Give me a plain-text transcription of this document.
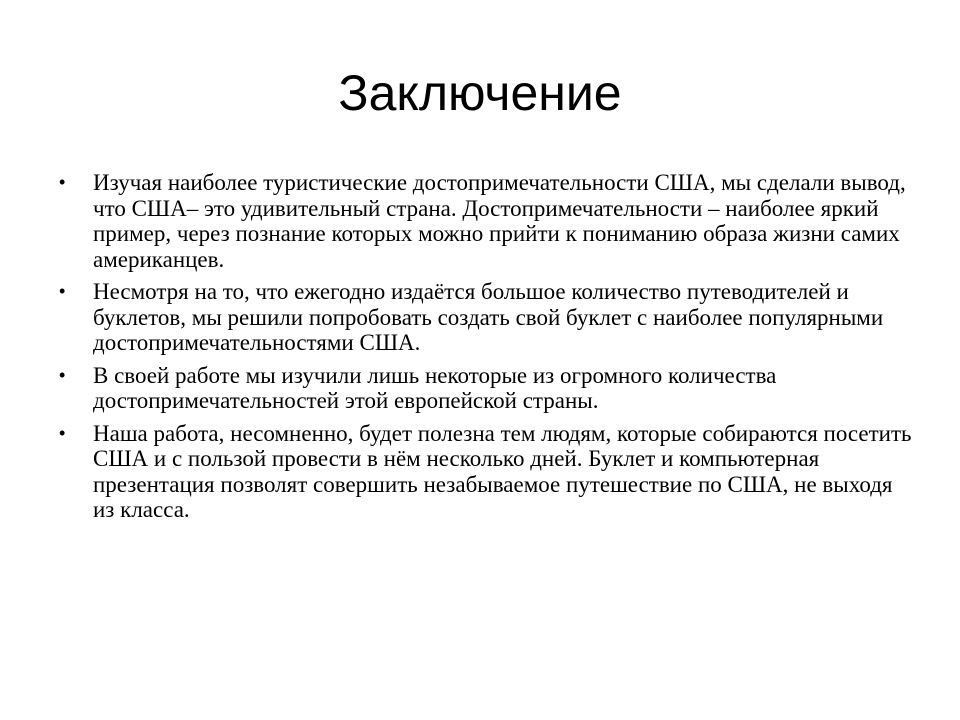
Заключение
• Изучая наиболее туристические достопримечательности США, мы сделали вывод, что США– это удивительный страна. Достопримечательности – наиболее яркий пример, через познание которых можно прийти к пониманию образа жизни самих американцев.
• Несмотря на то, что ежегодно издаётся большое количество путеводителей и буклетов, мы решили попробовать создать свой буклет с наиболее популярными достопримечательностями США.
• В своей работе мы изучили лишь некоторые из огромного количества достопримечательностей этой европейской страны.
• Наша работа, несомненно, будет полезна тем людям, которые собираются посетить США и с пользой провести в нём несколько дней. Буклет и компьютерная презентация позволят совершить незабываемое путешествие по США, не выходя из класса.
